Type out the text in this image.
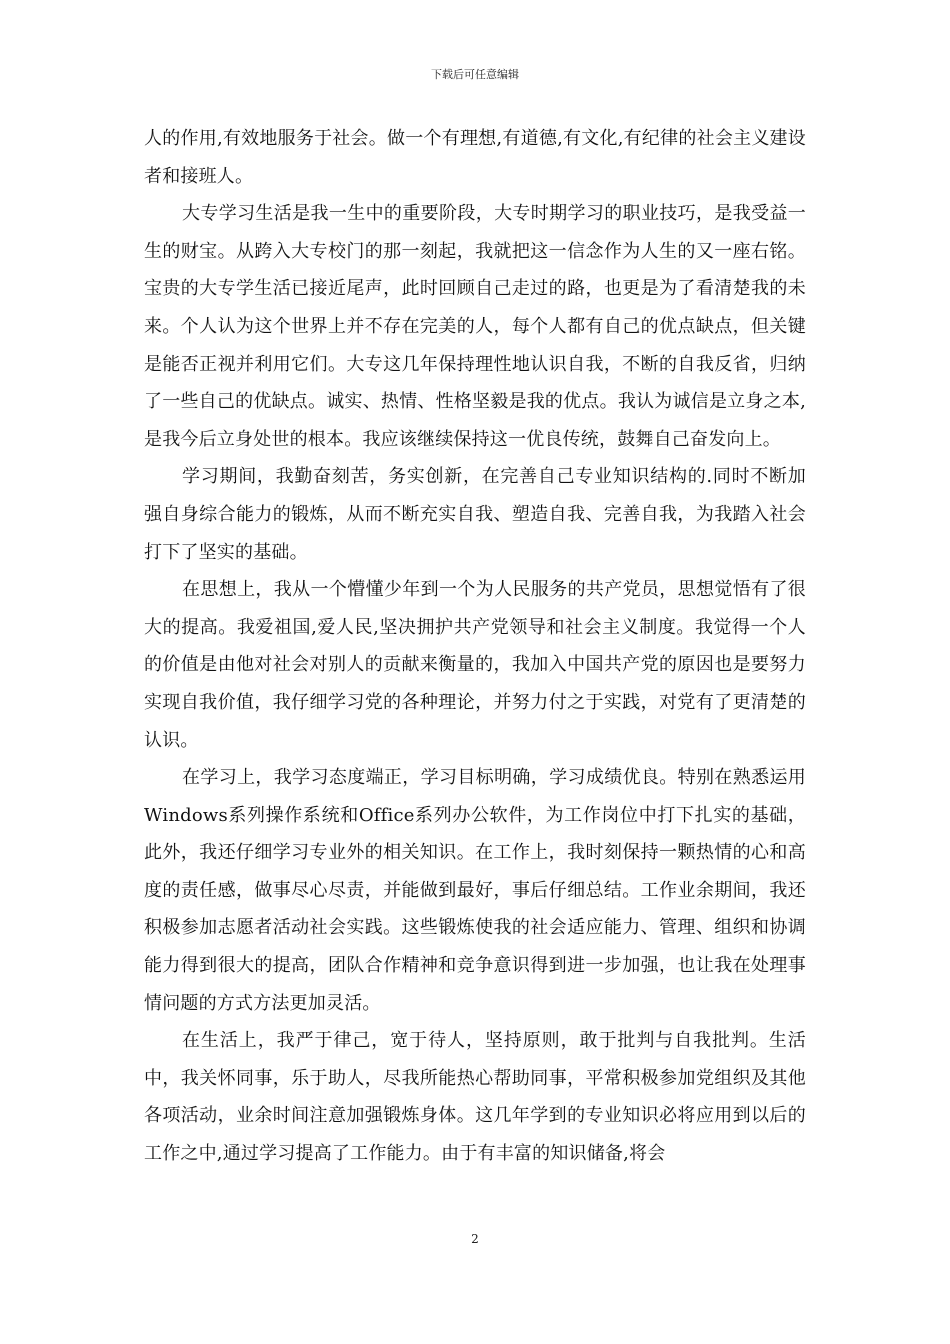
下载后可任意编辑

人的作用,有效地服务于社会。做一个有理想,有道德,有文化,有纪律的社会主义建设者和接班人。

大专学习生活是我一生中的重要阶段，大专时期学习的职业技巧，是我受益一生的财宝。从跨入大专校门的那一刻起，我就把这一信念作为人生的又一座右铭。宝贵的大专学生活已接近尾声，此时回顾自己走过的路，也更是为了看清楚我的未来。个人认为这个世界上并不存在完美的人，每个人都有自己的优点缺点，但关键是能否正视并利用它们。大专这几年保持理性地认识自我，不断的自我反省，归纳了一些自己的优缺点。诚实、热情、性格坚毅是我的优点。我认为诚信是立身之本,是我今后立身处世的根本。我应该继续保持这一优良传统，鼓舞自己奋发向上。

学习期间，我勤奋刻苦，务实创新，在完善自己专业知识结构的.同时不断加强自身综合能力的锻炼，从而不断充实自我、塑造自我、完善自我，为我踏入社会打下了坚实的基础。

在思想上，我从一个懵懂少年到一个为人民服务的共产党员，思想觉悟有了很大的提高。我爱祖国,爱人民,坚决拥护共产党领导和社会主义制度。我觉得一个人的价值是由他对社会对别人的贡献来衡量的，我加入中国共产党的原因也是要努力实现自我价值，我仔细学习党的各种理论，并努力付之于实践，对党有了更清楚的认识。

在学习上，我学习态度端正，学习目标明确，学习成绩优良。特别在熟悉运用Windows系列操作系统和Office系列办公软件，为工作岗位中打下扎实的基础，此外，我还仔细学习专业外的相关知识。在工作上，我时刻保持一颗热情的心和高度的责任感，做事尽心尽责，并能做到最好，事后仔细总结。工作业余期间，我还积极参加志愿者活动社会实践。这些锻炼使我的社会适应能力、管理、组织和协调能力得到很大的提高，团队合作精神和竞争意识得到进一步加强，也让我在处理事情问题的方式方法更加灵活。

在生活上，我严于律己，宽于待人，坚持原则，敢于批判与自我批判。生活中，我关怀同事，乐于助人，尽我所能热心帮助同事，平常积极参加党组织及其他各项活动，业余时间注意加强锻炼身体。这几年学到的专业知识必将应用到以后的工作之中,通过学习提高了工作能力。由于有丰富的知识储备,将会

2
